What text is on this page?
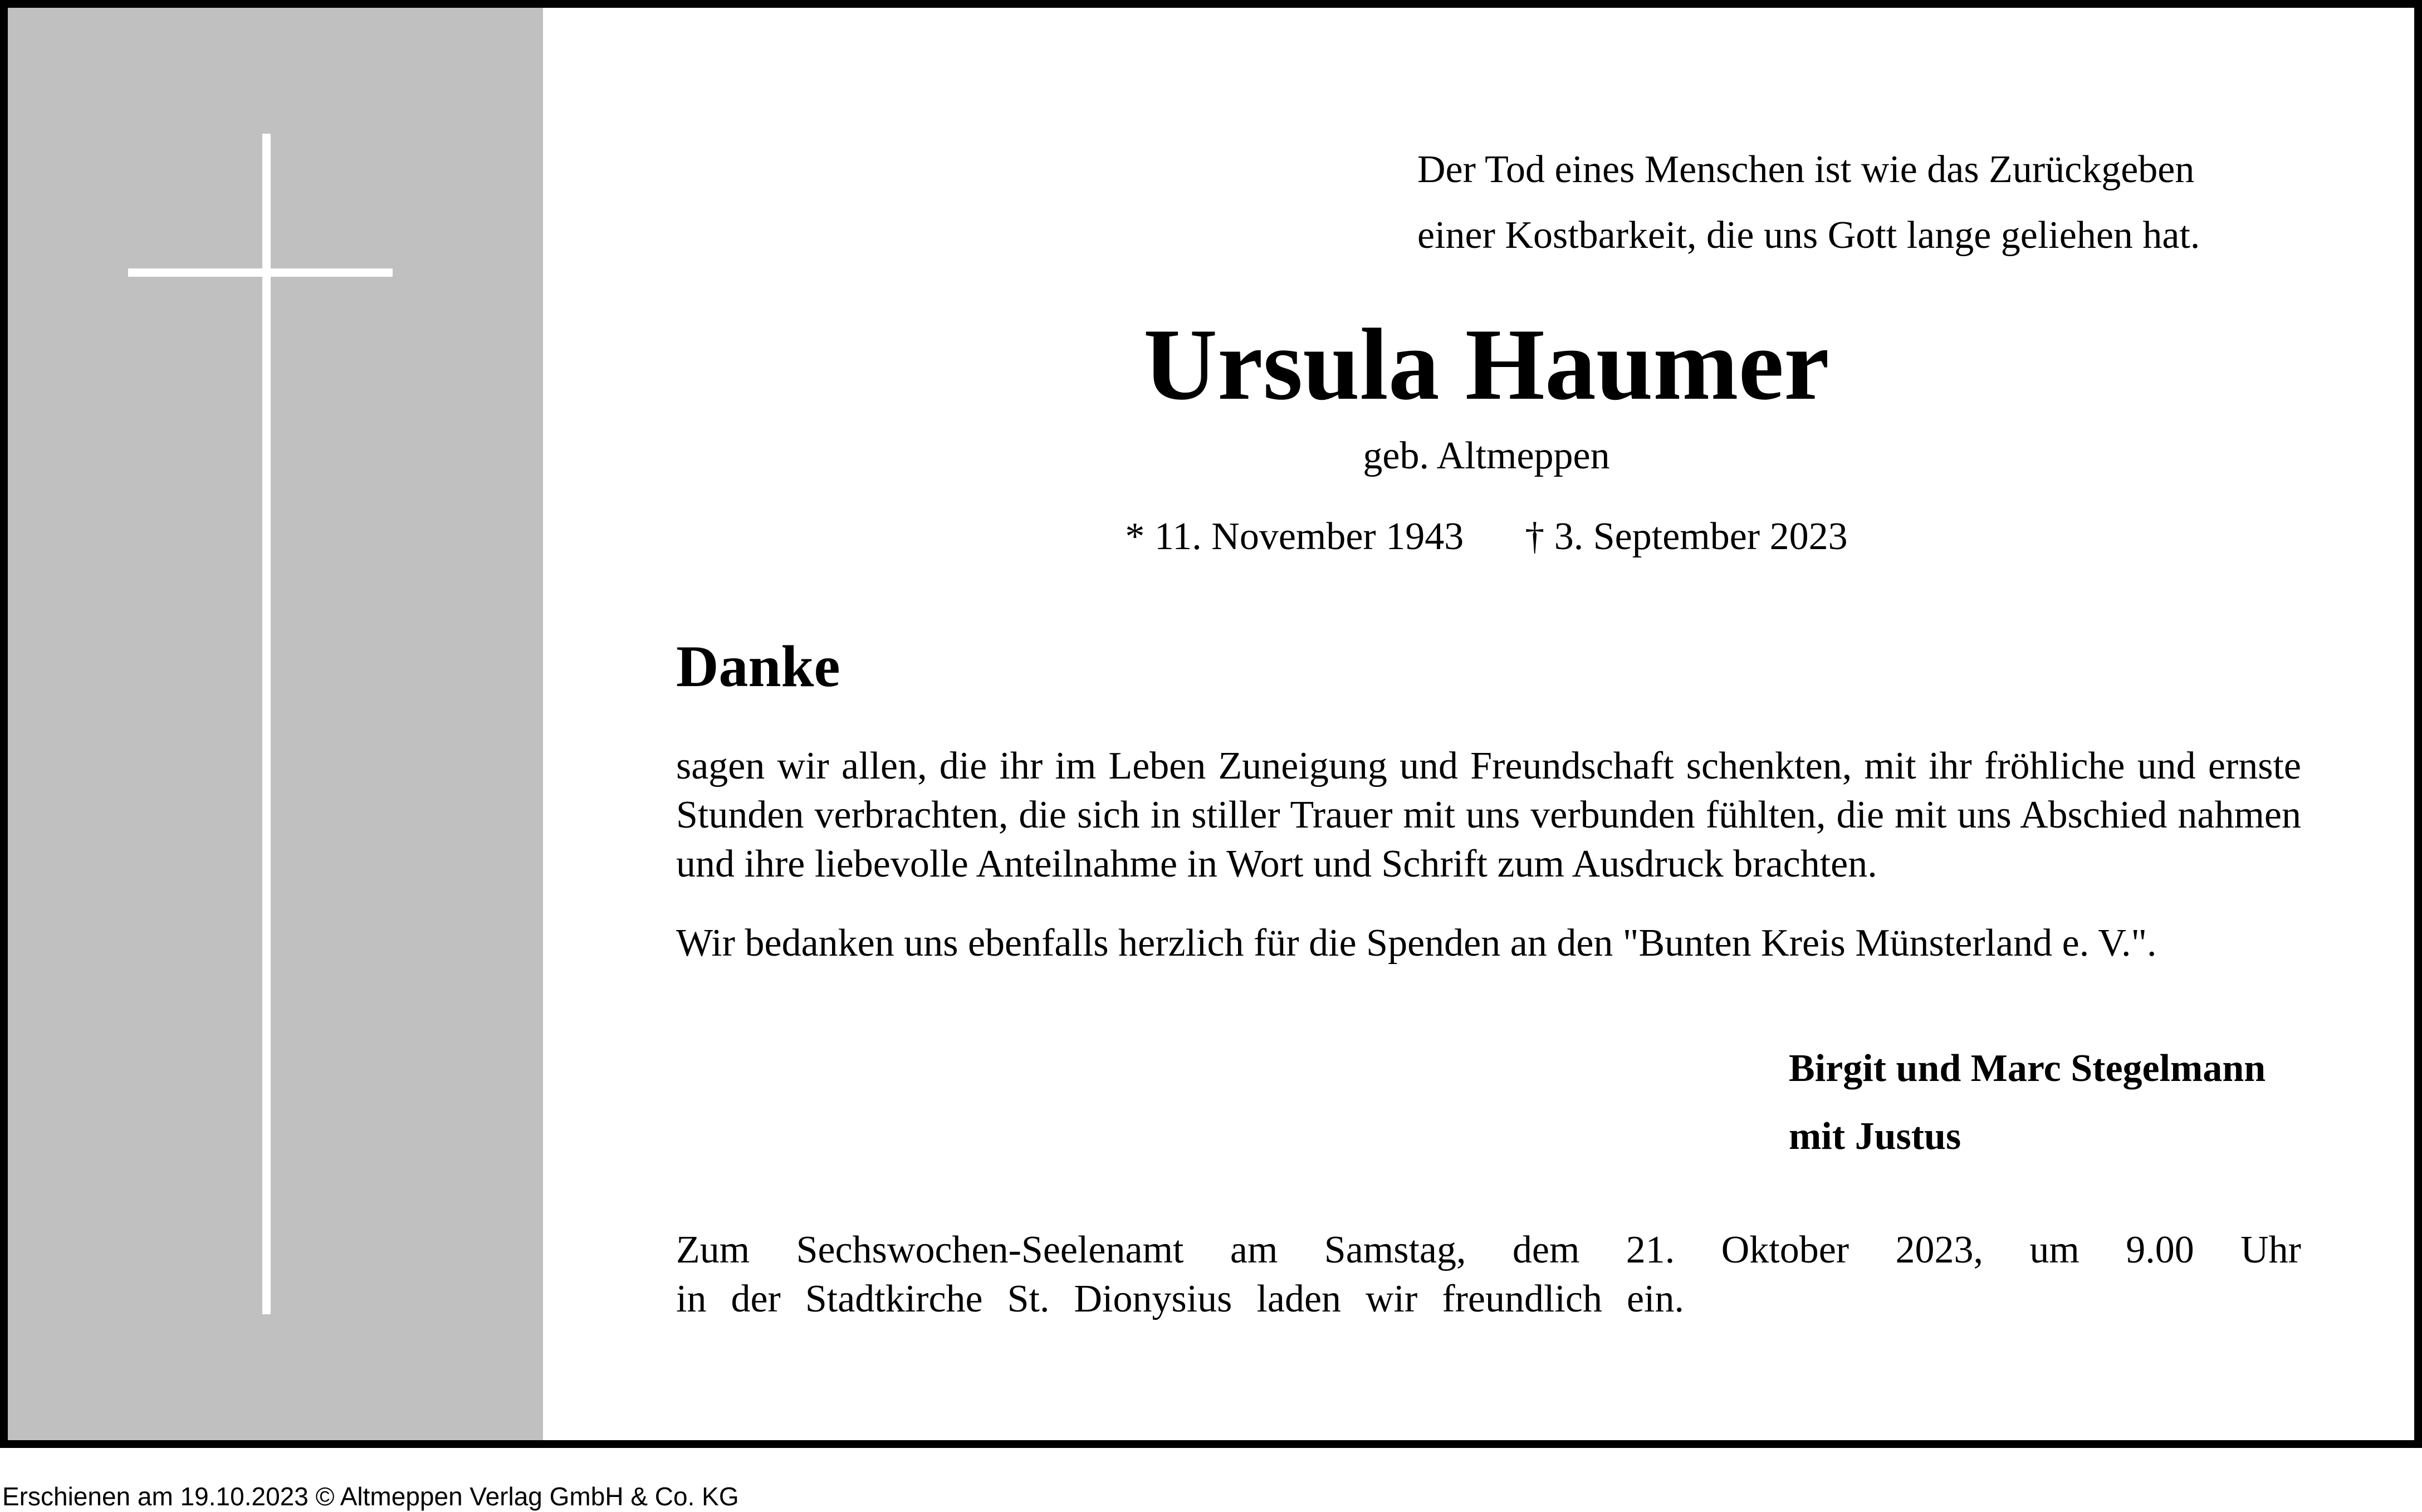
Der Tod eines Menschen ist wie das Zurückgeben
einer Kostbarkeit, die uns Gott lange geliehen hat.
Ursula Haumer
geb. Altmeppen
* 11. November 1943 † 3. September 2023
Danke
sagen wir allen, die ihr im Leben Zuneigung und Freundschaft schenkten, mit ihr fröhliche und ernste Stunden verbrachten, die sich in stiller Trauer mit uns verbunden fühlten, die mit uns Abschied nahmen und ihre liebevolle Anteilnahme in Wort und Schrift zum Ausdruck brachten.
Wir bedanken uns ebenfalls herzlich für die Spenden an den "Bunten Kreis Münsterland e. V.".
Birgit und Marc Stegelmann
mit Justus
Zum Sechswochen-Seelenamt am Samstag, dem 21. Oktober 2023, um 9.00 Uhr
in der Stadtkirche St. Dionysius laden wir freundlich ein.
Erschienen am 19.10.2023 © Altmeppen Verlag GmbH & Co. KG
